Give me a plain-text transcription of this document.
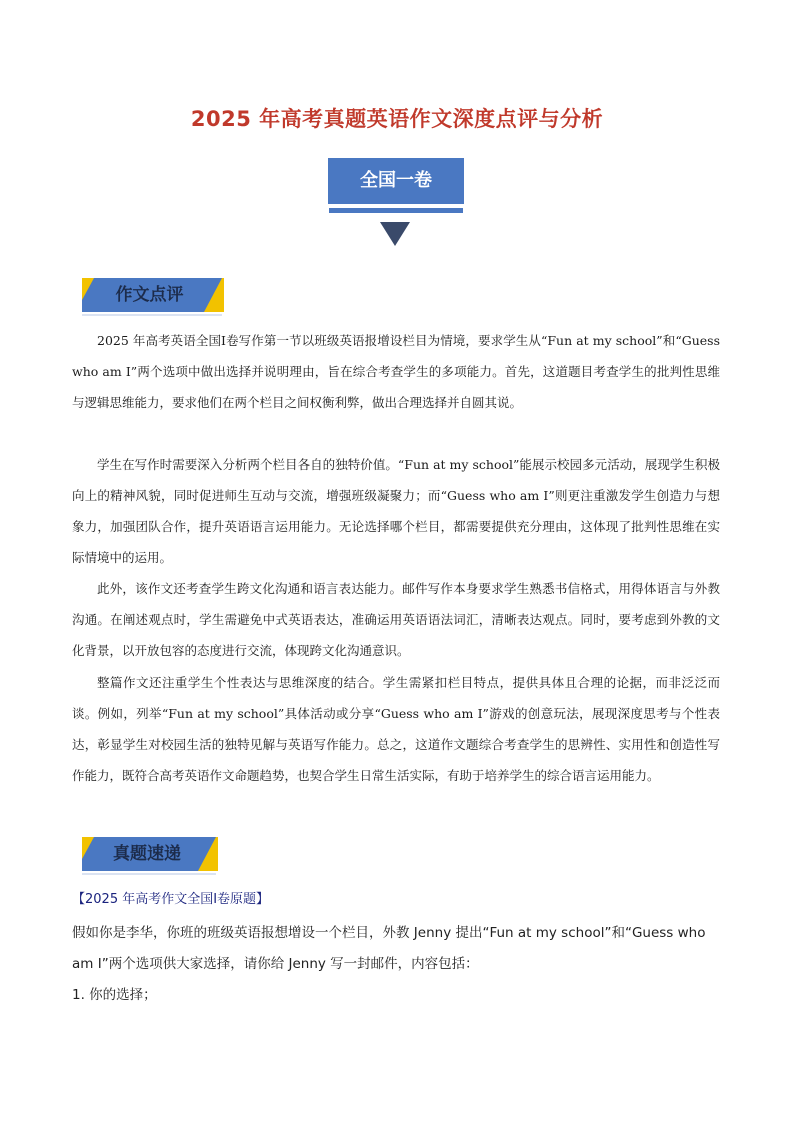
2025 年高考真题英语作文深度点评与分析
全国一卷
作文点评

2025 年高考英语全国Ⅰ卷写作第一节以班级英语报增设栏目为情境，要求学生从“Fun at my school”和“Guess who am I”两个选项中做出选择并说明理由，旨在综合考查学生的多项能力。首先，这道题目考查学生的批判性思维与逻辑思维能力，要求他们在两个栏目之间权衡利弊，做出合理选择并自圆其说。

学生在写作时需要深入分析两个栏目各自的独特价值。“Fun at my school”能展示校园多元活动，展现学生积极向上的精神风貌，同时促进师生互动与交流，增强班级凝聚力；而“Guess who am I”则更注重激发学生创造力与想象力，加强团队合作，提升英语语言运用能力。无论选择哪个栏目，都需要提供充分理由，这体现了批判性思维在实际情境中的运用。

此外，该作文还考查学生跨文化沟通和语言表达能力。邮件写作本身要求学生熟悉书信格式，用得体语言与外教沟通。在阐述观点时，学生需避免中式英语表达，准确运用英语语法词汇，清晰表达观点。同时，要考虑到外教的文化背景，以开放包容的态度进行交流，体现跨文化沟通意识。

整篇作文还注重学生个性表达与思维深度的结合。学生需紧扣栏目特点，提供具体且合理的论据，而非泛泛而谈。例如，列举“Fun at my school”具体活动或分享“Guess who am I”游戏的创意玩法，展现深度思考与个性表达，彰显学生对校园生活的独特见解与英语写作能力。总之，这道作文题综合考查学生的思辨性、实用性和创造性写作能力，既符合高考英语作文命题趋势，也契合学生日常生活实际，有助于培养学生的综合语言运用能力。

真题速递
【2025 年高考作文全国Ⅰ卷原题】

假如你是李华，你班的班级英语报想增设一个栏目，外教 Jenny 提出“Fun at my school”和“Guess who am I”两个选项供大家选择，请你给 Jenny 写一封邮件，内容包括：

1. 你的选择；
